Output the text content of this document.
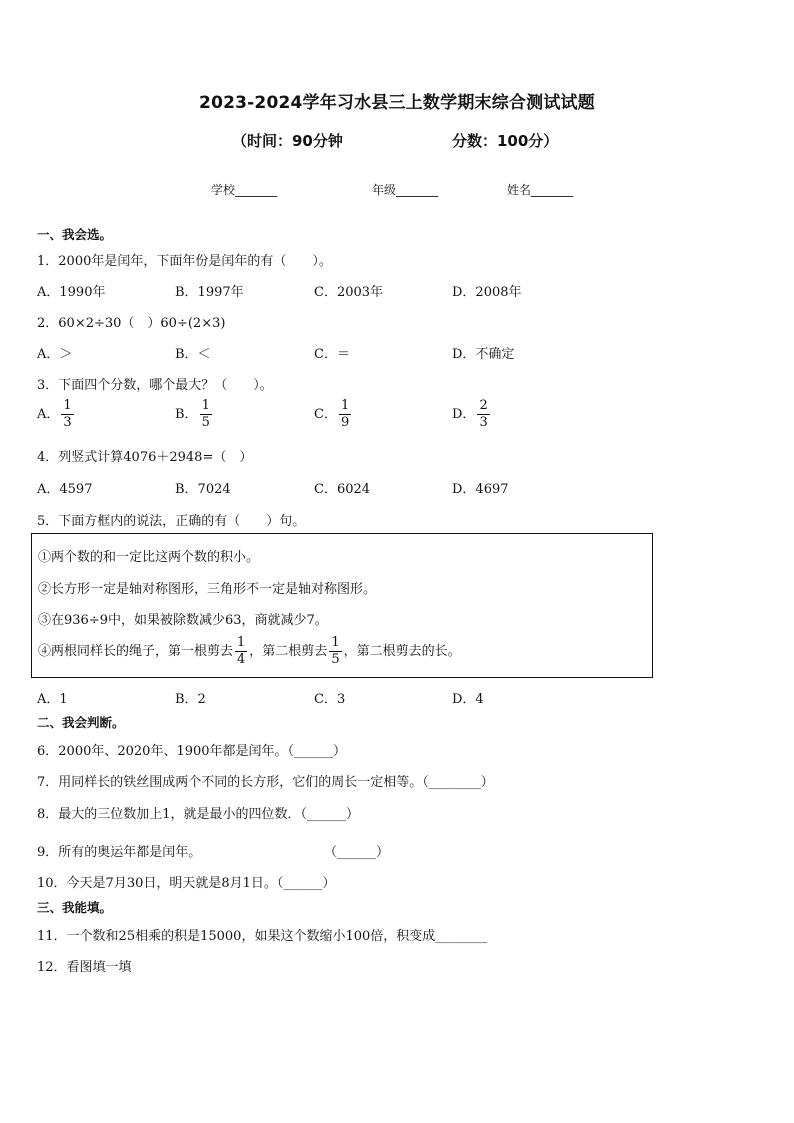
2023-2024学年习水县三上数学期末综合测试试题
（时间：90分钟	分数：100分）
学校_______	年级_______	姓名_______
一、我会选。
1．2000年是闰年，下面年份是闰年的有（　　）。
A．1990年	B．1997年	C．2003年	D．2008年
2．60×2÷30（　）60÷(2×3)
A．＞	B．＜	C．＝	D．不确定
3．下面四个分数，哪个最大？（　　）。
A． $\frac{1}{3}$	B． $\frac{1}{5}$	C． $\frac{1}{9}$	D． $\frac{2}{3}$
4．列竖式计算4076＋2948=（　）
A．4597	B．7024	C．6024	D．4697
5．下面方框内的说法，正确的有（　　）句。
①两个数的和一定比这两个数的积小。
②长方形一定是轴对称图形，三角形不一定是轴对称图形。
③在936÷9中，如果被除数减少63，商就减少7。
④两根同样长的绳子，第一根剪去 $\frac{1}{4}$ ，第二根剪去 $\frac{1}{5}$ ，第二根剪去的长。
A．1	B．2	C．3	D．4
二、我会判断。
6．2000年、2020年、1900年都是闰年。（______）
7．用同样长的铁丝围成两个不同的长方形，它们的周长一定相等。（________）
8．最大的三位数加上1，就是最小的四位数．（______）
9．所有的奥运年都是闰年。	（______）
10．今天是7月30日，明天就是8月1日。（______）
三、我能填。
11．一个数和25相乘的积是15000，如果这个数缩小100倍，积变成________
12．看图填一填
